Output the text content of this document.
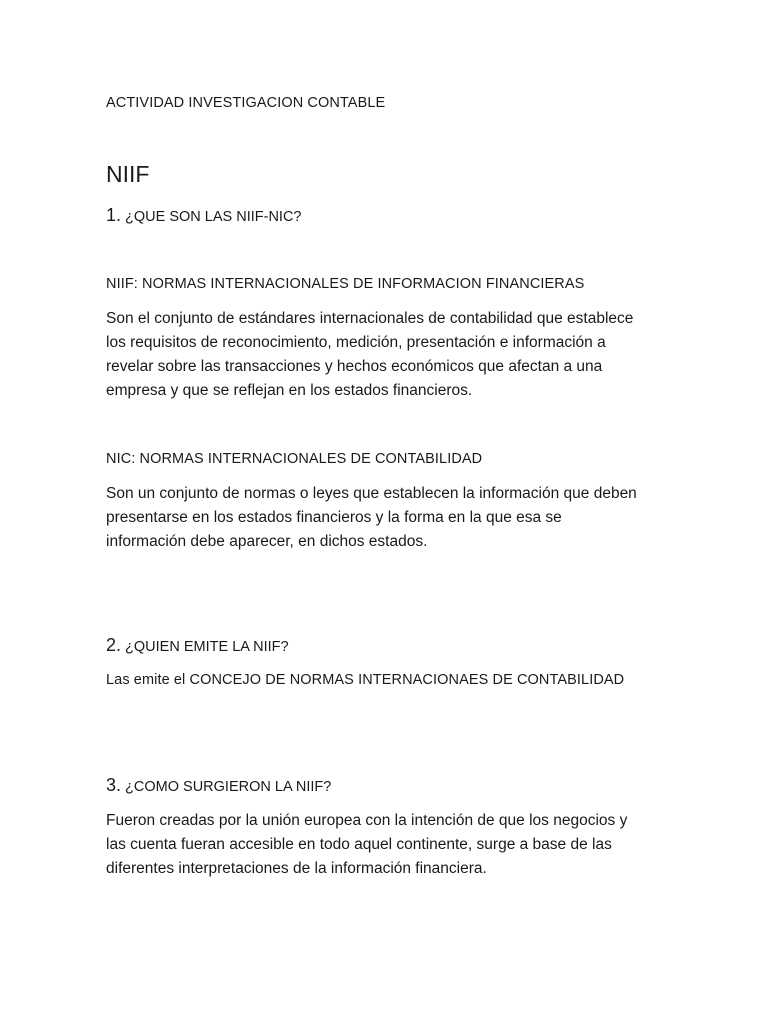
ACTIVIDAD INVESTIGACION CONTABLE

NIIF

1. ¿QUE SON LAS NIIF-NIC?

NIIF: NORMAS INTERNACIONALES DE INFORMACION FINANCIERAS

Son el conjunto de estándares internacionales de contabilidad que establece
los requisitos de reconocimiento, medición, presentación e información a
revelar sobre las transacciones y hechos económicos que afectan a una
empresa y que se reflejan en los estados financieros.

NIC: NORMAS INTERNACIONALES DE CONTABILIDAD

Son un conjunto de normas o leyes que establecen la información que deben
presentarse en los estados financieros y la forma en la que esa se
información debe aparecer, en dichos estados.

2. ¿QUIEN EMITE LA NIIF?

Las emite el CONCEJO DE NORMAS INTERNACIONAES DE CONTABILIDAD

3. ¿COMO SURGIERON LA NIIF?

Fueron creadas por la unión europea con la intención de que los negocios y
las cuenta fueran accesible en todo aquel continente, surge a base de las
diferentes interpretaciones de la información financiera.
